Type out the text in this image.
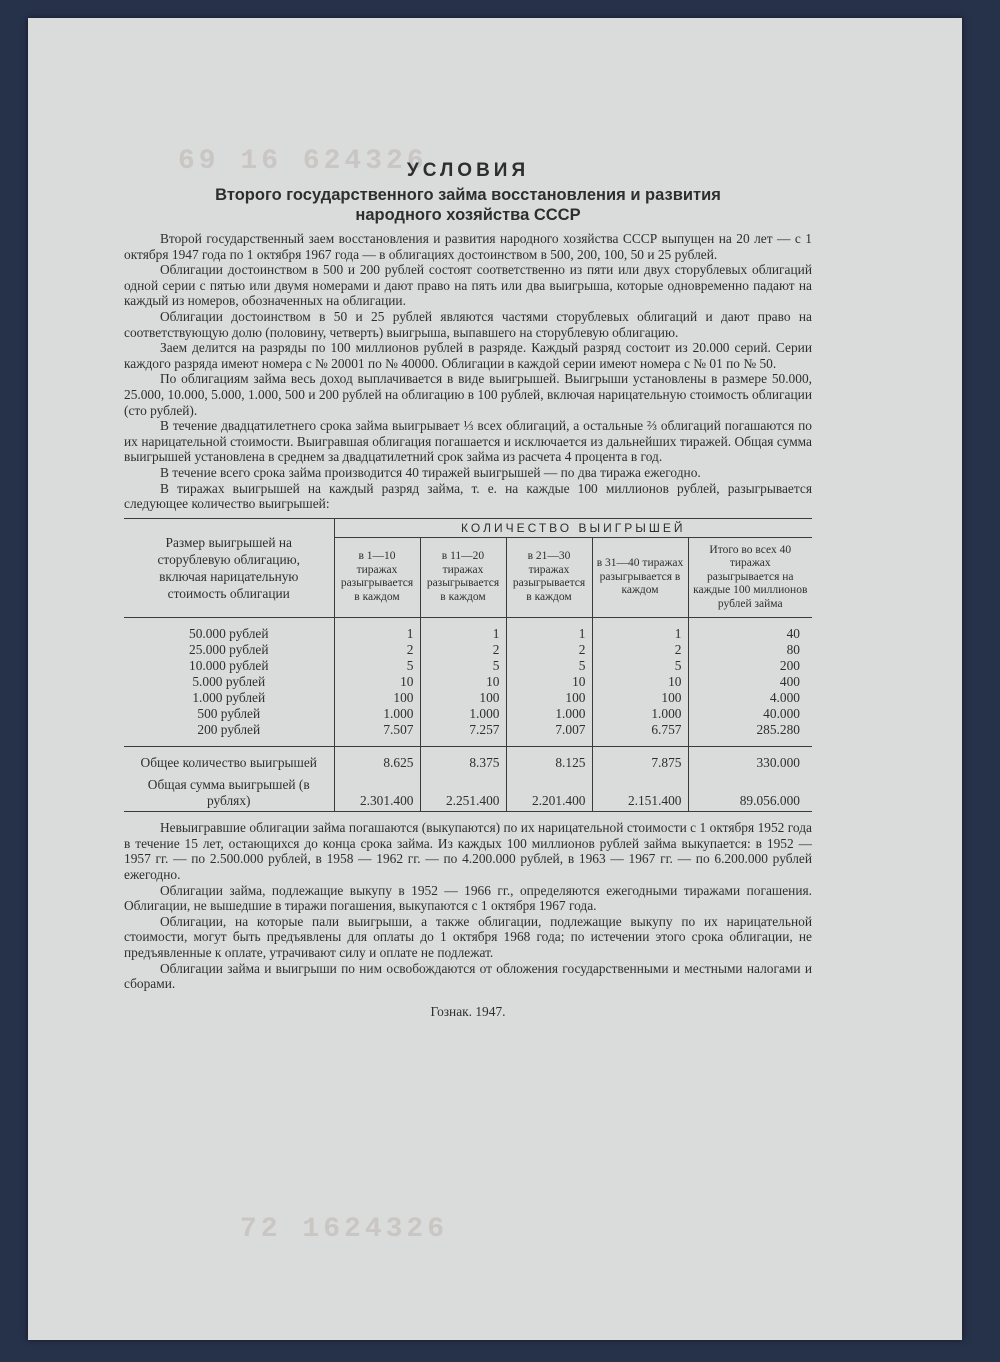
69 16 624326
72 1624326
УСЛОВИЯ
Второго государственного займа восстановления и развития
народного хозяйства СССР

Второй государственный заем восстановления и развития народного хозяйства СССР выпущен на 20 лет — с 1 октября 1947 года по 1 октября 1967 года — в облигациях достоинством в 500, 200, 100, 50 и 25 рублей.

Облигации достоинством в 500 и 200 рублей состоят соответственно из пяти или двух сторублевых облигаций одной серии с пятью или двумя номерами и дают право на пять или два выигрыша, которые одновременно падают на каждый из номеров, обозначенных на облигации.

Облигации достоинством в 50 и 25 рублей являются частями сторублевых облигаций и дают право на соответствующую долю (половину, четверть) выигрыша, выпавшего на сторублевую облигацию.

Заем делится на разряды по 100 миллионов рублей в разряде. Каждый разряд состоит из 20.000 серий. Серии каждого разряда имеют номера с № 20001 по № 40000. Облигации в каждой серии имеют номера с № 01 по № 50.

По облигациям займа весь доход выплачивается в виде выигрышей. Выигрыши установлены в размере 50.000, 25.000, 10.000, 5.000, 1.000, 500 и 200 рублей на облигацию в 100 рублей, включая нарицательную стоимость облигации (сто рублей).

В течение двадцатилетнего срока займа выигрывает ⅓ всех облигаций, а остальные ⅔ облигаций погашаются по их нарицательной стоимости. Выигравшая облигация погашается и исключается из дальнейших тиражей. Общая сумма выигрышей установлена в среднем за двадцатилетний срок займа из расчета 4 процента в год.

В течение всего срока займа производится 40 тиражей выигрышей — по два тиража ежегодно.

В тиражах выигрышей на каждый разряд займа, т. е. на каждые 100 миллионов рублей, разыгрывается следующее количество выигрышей:

Размер выигрышей на сторублевую облигацию, включая нарицательную стоимость облигации	КОЛИЧЕСТВО ВЫИГРЫШЕЙ				
	в 1—10 тиражах разыгрывается в каждом	в 11—20 тиражах разыгрывается в каждом	в 21—30 тиражах разыгрывается в каждом	в 31—40 тиражах разыгрывается в каждом	Итого во всех 40 тиражах разыгрывается на каждые 100 миллионов рублей займа
50.000 рублей	1	1	1	1	40
25.000 рублей	2	2	2	2	80
10.000 рублей	5	5	5	5	200
5.000 рублей	10	10	10	10	400
1.000 рублей	100	100	100	100	4.000
500 рублей	1.000	1.000	1.000	1.000	40.000
200 рублей	7.507	7.257	7.007	6.757	285.280
Общее количество выигрышей	8.625	8.375	8.125	7.875	330.000
Общая сумма выигрышей (в рублях)	2.301.400	2.251.400	2.201.400	2.151.400	89.056.000

Невыигравшие облигации займа погашаются (выкупаются) по их нарицательной стоимости с 1 октября 1952 года в течение 15 лет, остающихся до конца срока займа. Из каждых 100 миллионов рублей займа выкупается: в 1952 — 1957 гг. — по 2.500.000 рублей, в 1958 — 1962 гг. — по 4.200.000 рублей, в 1963 — 1967 гг. — по 6.200.000 рублей ежегодно.

Облигации займа, подлежащие выкупу в 1952 — 1966 гг., определяются ежегодными тиражами погашения. Облигации, не вышедшие в тиражи погашения, выкупаются с 1 октября 1967 года.

Облигации, на которые пали выигрыши, а также облигации, подлежащие выкупу по их нарицательной стоимости, могут быть предъявлены для оплаты до 1 октября 1968 года; по истечении этого срока облигации, не предъявленные к оплате, утрачивают силу и оплате не подлежат.

Облигации займа и выигрыши по ним освобождаются от обложения государственными и местными налогами и сборами.

Гознак. 1947.
